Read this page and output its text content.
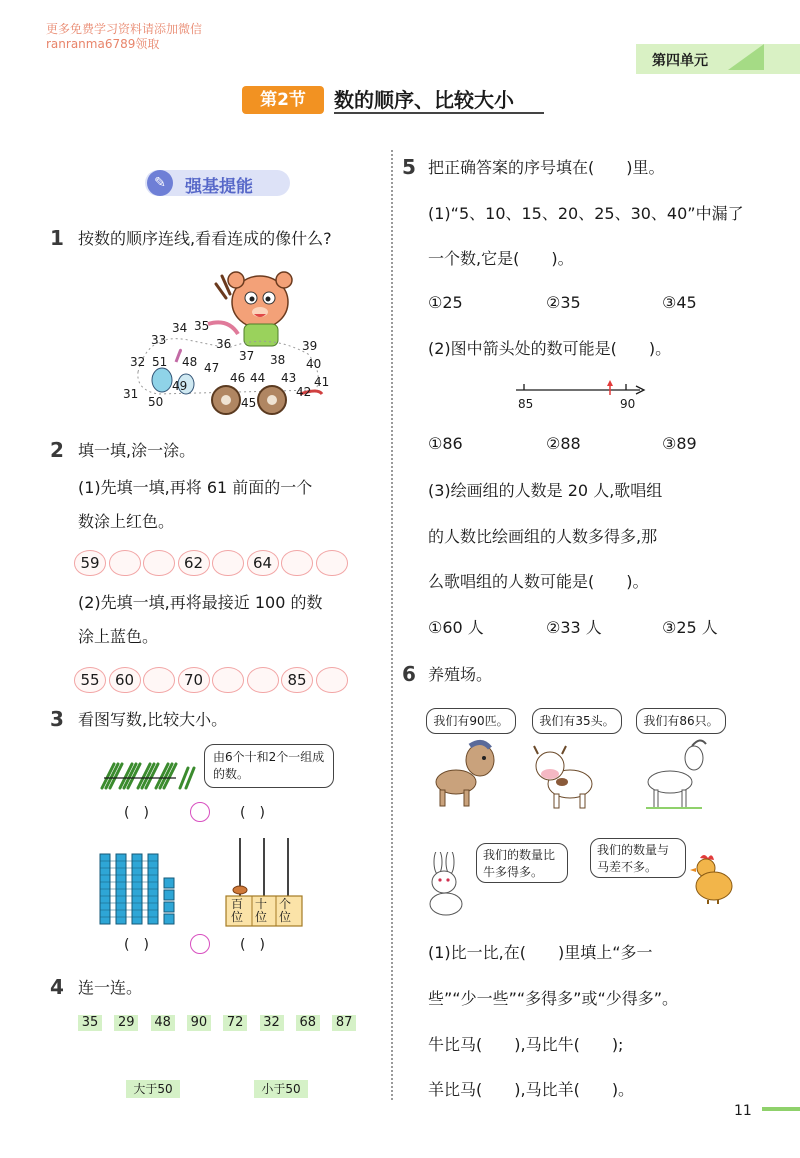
更多免费学习资料请添加微信
ranranma6789领取
第四单元
第2节	数的顺序、比较大小
✎	强基提能
1 按数的顺序连线,看看连成的像什么?
31
32
33
34 35
36
37 38
39
40
41
42
43
44
45
46
47
48
49
50
51
2 填一填,涂一涂。
(1)先填一填,再将 61 前面的一个
数涂上红色。
59	62	64
(2)先填一填,再将最接近 100 的数
涂上蓝色。
55	60	70	85
3 看图写数,比较大小。
由6个十和2个一组成的数。
(　)	(　)
百位
十位
个位
(　)	(　)
4 连一连。
35 29 48 90 72 32 68 87
大于50	小于50
5 把正确答案的序号填在(　　)里。
(1)“5、10、15、20、25、30、40”中漏了
一个数,它是(　　)。
①25	②35	③45
(2)图中箭头处的数可能是(　　)。
85	90
①86	②88	③89
(3)绘画组的人数是 20 人,歌唱组
的人数比绘画组的人数多得多,那
么歌唱组的人数可能是(　　)。
①60 人	②33 人	③25 人
6 养殖场。
我们有90匹。	我们有35头。	我们有86只。
我们的数量比牛多得多。
我们的数量与马差不多。
(1)比一比,在(　　)里填上“多一
些”“少一些”“多得多”或“少得多”。
牛比马(　　),马比牛(　　);
羊比马(　　),马比羊(　　)。
11
